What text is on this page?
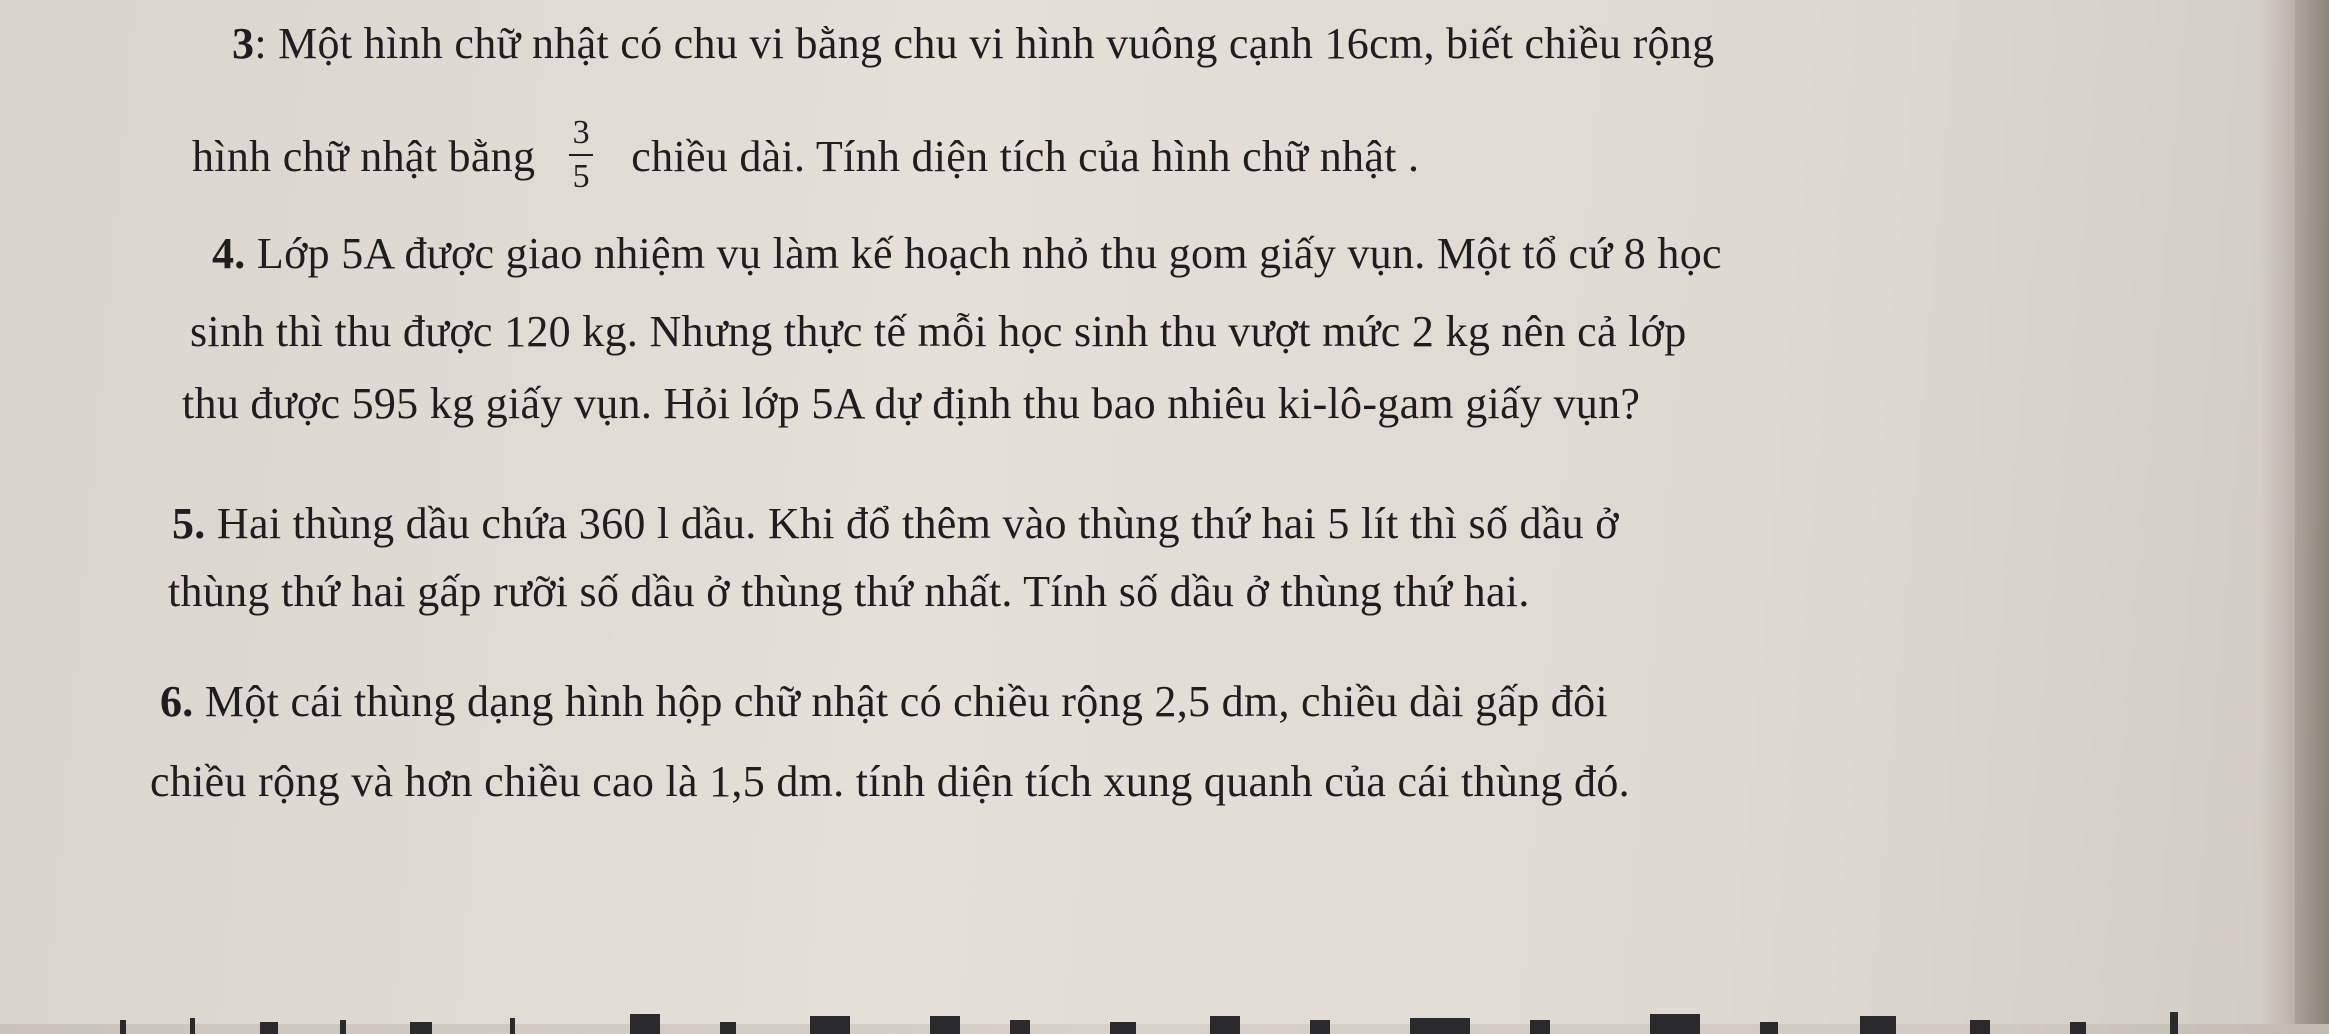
3: Một hình chữ nhật có chu vi bằng chu vi hình vuông cạnh 16cm, biết chiều rộng
hình chữ nhật bằng $\frac{3}{5}$ chiều dài. Tính diện tích của hình chữ nhật .
4. Lớp 5A được giao nhiệm vụ làm kế hoạch nhỏ thu gom giấy vụn. Một tổ cứ 8 học
sinh thì thu được 120 kg. Nhưng thực tế mỗi học sinh thu vượt mức 2 kg nên cả lớp
thu được 595 kg giấy vụn. Hỏi lớp 5A dự định thu bao nhiêu ki-lô-gam giấy vụn?
5. Hai thùng dầu chứa 360 l dầu. Khi đổ thêm vào thùng thứ hai 5 lít thì số dầu ở
thùng thứ hai gấp rưỡi số dầu ở thùng thứ nhất. Tính số dầu ở thùng thứ hai.
6. Một cái thùng dạng hình hộp chữ nhật có chiều rộng 2,5 dm, chiều dài gấp đôi
chiều rộng và hơn chiều cao là 1,5 dm. tính diện tích xung quanh của cái thùng đó.
